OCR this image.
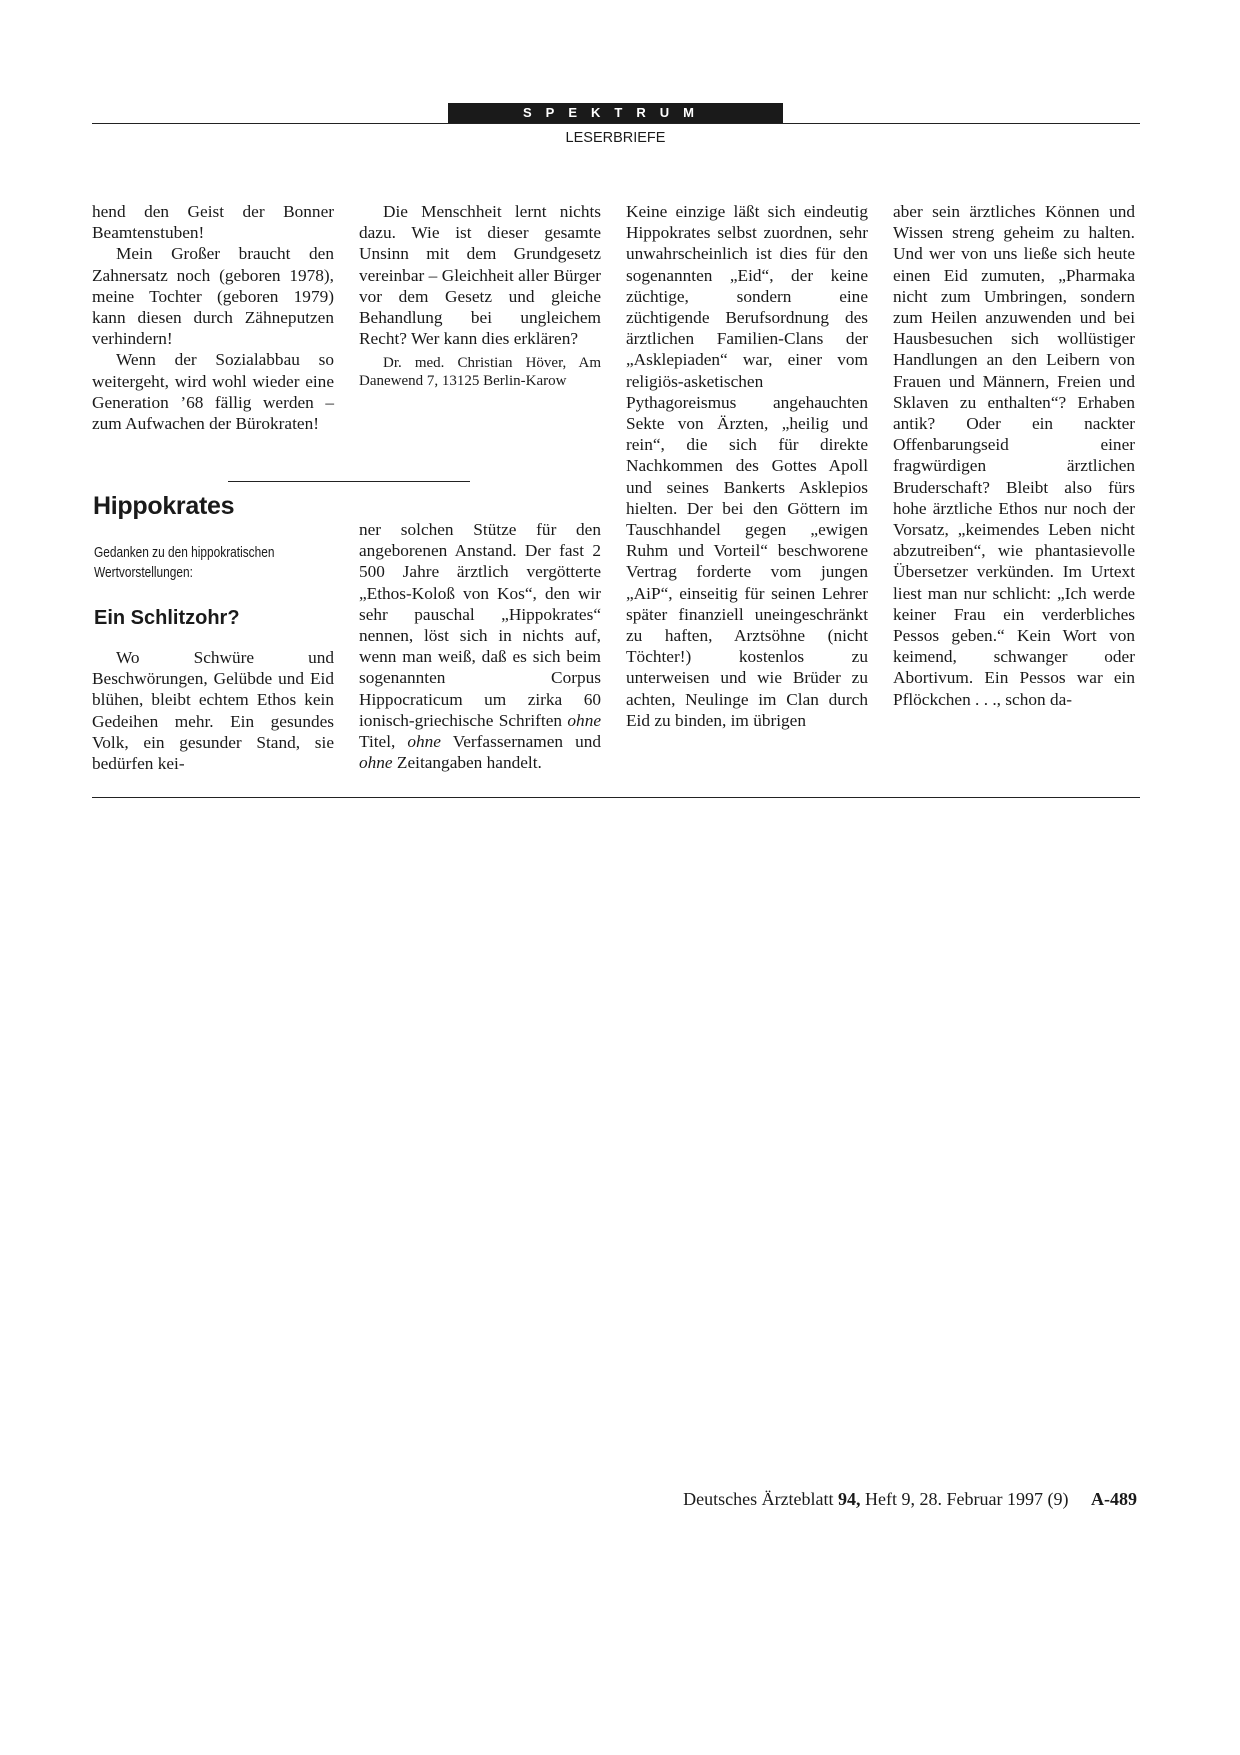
SPEKTRUM
LESERBRIEFE

hend den Geist der Bonner Beamtenstuben!

Mein Großer braucht den Zahnersatz noch (geboren 1978), meine Tochter (geboren 1979) kann diesen durch Zähneputzen verhindern!

Wenn der Sozialabbau so weitergeht, wird wohl wieder eine Generation ’68 fällig werden – zum Aufwachen der Bürokraten!

Die Menschheit lernt nichts dazu. Wie ist dieser gesamte Unsinn mit dem Grundgesetz vereinbar – Gleichheit aller Bürger vor dem Gesetz und gleiche Behandlung bei ungleichem Recht? Wer kann dies erklären?

Dr. med. Christian Höver, Am Danewend 7, 13125 Berlin-Karow

Hippokrates

Gedanken zu den hippokratischen Wertvorstellungen:

Ein Schlitzohr?

Wo Schwüre und Beschwörungen, Gelübde und Eid blühen, bleibt echtem Ethos kein Gedeihen mehr. Ein gesundes Volk, ein gesunder Stand, sie bedürfen kei-

ner solchen Stütze für den angeborenen Anstand. Der fast 2 500 Jahre ärztlich vergötterte „Ethos-Koloß von Kos“, den wir sehr pauschal „Hippokrates“ nennen, löst sich in nichts auf, wenn man weiß, daß es sich beim sogenannten Corpus Hippocraticum um zirka 60 ionisch-griechische Schriften ohne Titel, ohne Verfassernamen und ohne Zeitangaben handelt.

Keine einzige läßt sich eindeutig Hippokrates selbst zuordnen, sehr unwahrscheinlich ist dies für den sogenannten „Eid“, der keine züchtige, sondern eine züchtigende Berufsordnung des ärztlichen Familien-Clans der „Asklepiaden“ war, einer vom religiös-asketischen Pythagoreismus angehauchten Sekte von Ärzten, „heilig und rein“, die sich für direkte Nachkommen des Gottes Apoll und seines Bankerts Asklepios hielten. Der bei den Göttern im Tauschhandel gegen „ewigen Ruhm und Vorteil“ beschworene Vertrag forderte vom jungen „AiP“, einseitig für seinen Lehrer später finanziell uneingeschränkt zu haften, Arztsöhne (nicht Töchter!) kostenlos zu unterweisen und wie Brüder zu achten, Neulinge im Clan durch Eid zu binden, im übrigen

aber sein ärztliches Können und Wissen streng geheim zu halten. Und wer von uns ließe sich heute einen Eid zumuten, „Pharmaka nicht zum Umbringen, sondern zum Heilen anzuwenden und bei Hausbesuchen sich wollüstiger Handlungen an den Leibern von Frauen und Männern, Freien und Sklaven zu enthalten“? Erhaben antik? Oder ein nackter Offenbarungseid einer fragwürdigen ärztlichen Bruderschaft? Bleibt also fürs hohe ärztliche Ethos nur noch der Vorsatz, „keimendes Leben nicht abzutreiben“, wie phantasievolle Übersetzer verkünden. Im Urtext liest man nur schlicht: „Ich werde keiner Frau ein verderbliches Pessos geben.“ Kein Wort von keimend, schwanger oder Abortivum. Ein Pessos war ein Pflöckchen . . ., schon da-

Deutsches Ärzteblatt 94, Heft 9, 28. Februar 1997 (9) A-489
